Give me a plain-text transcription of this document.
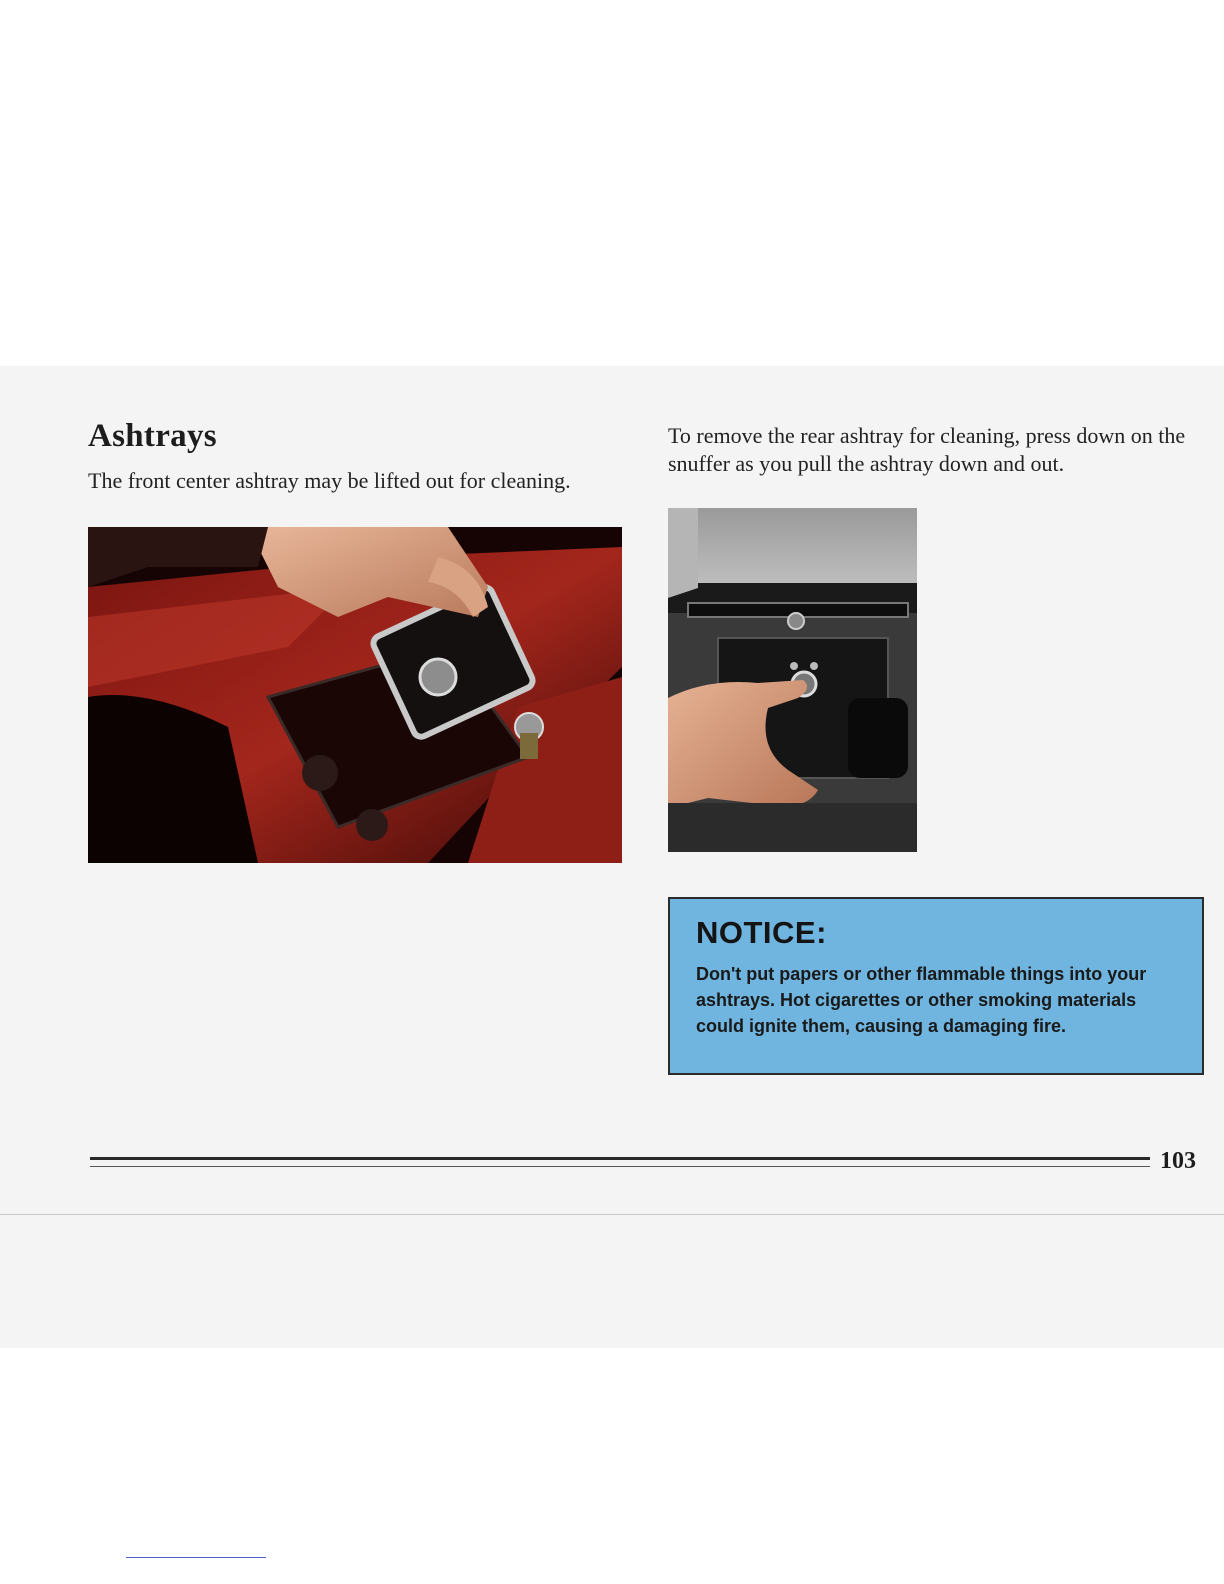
Ashtrays

The front center ashtray may be lifted out for cleaning.

To remove the rear ashtray for cleaning, press down on the snuffer as you pull the ashtray down and out.

NOTICE:

Don't put papers or other flammable things into your ashtrays. Hot cigarettes or other smoking materials could ignite them, causing a damaging fire.

103
